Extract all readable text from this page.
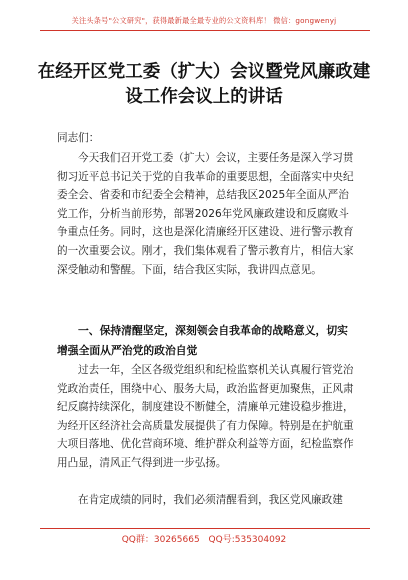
关注头条号"公文研究"，获得最新最全最专业的公文资料库！ 微信：gongwenyj
在经开区党工委（扩大）会议暨党风廉政建设工作会议上的讲话
同志们：
今天我们召开党工委（扩大）会议，主要任务是深入学习贯彻习近平总书记关于党的自我革命的重要思想，全面落实中央纪委全会、省委和市纪委全会精神，总结我区2025年全面从严治党工作，分析当前形势，部署2026年党风廉政建设和反腐败斗争重点任务。同时，这也是深化清廉经开区建设、进行警示教育的一次重要会议。刚才，我们集体观看了警示教育片，相信大家深受触动和警醒。下面，结合我区实际，我讲四点意见。
一、保持清醒坚定，深刻领会自我革命的战略意义，切实增强全面从严治党的政治自觉
过去一年，全区各级党组织和纪检监察机关认真履行管党治党政治责任，围绕中心、服务大局，政治监督更加聚焦，正风肃纪反腐持续深化，制度建设不断健全，清廉单元建设稳步推进，为经开区经济社会高质量发展提供了有力保障。特别是在护航重大项目落地、优化营商环境、维护群众利益等方面，纪检监察作用凸显，清风正气得到进一步弘扬。
在肯定成绩的同时，我们必须清醒看到，我区党风廉政建
QQ群：30265665 QQ号:535304092
